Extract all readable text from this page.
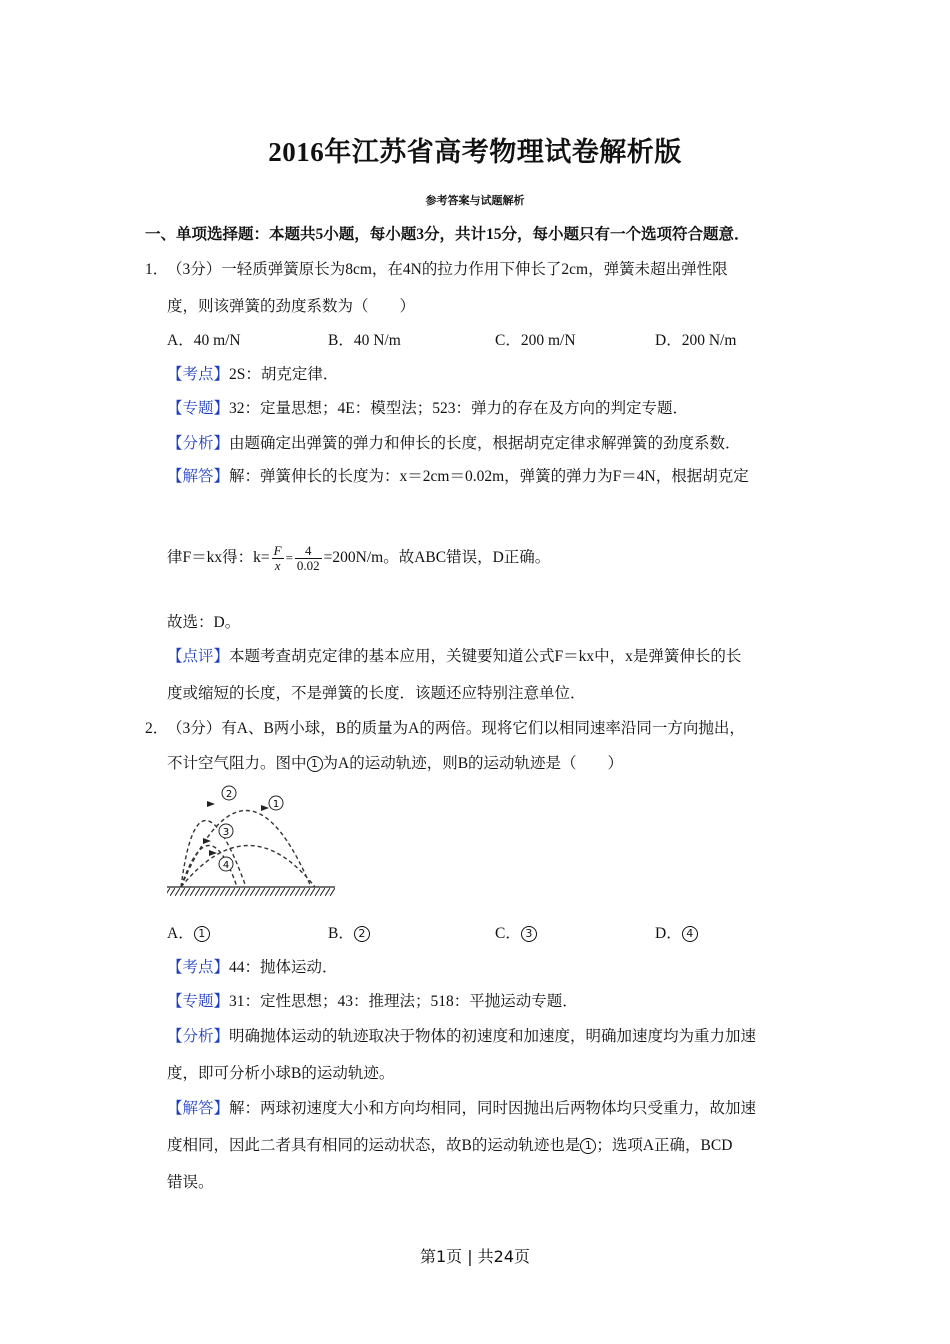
2016年江苏省高考物理试卷解析版
参考答案与试题解析
一、单项选择题：本题共5小题，每小题3分，共计15分，每小题只有一个选项符合题意．
1．
（3分）一轻质弹簧原长为8cm，在4N的拉力作用下伸长了2cm，弹簧未超出弹性限
度，则该弹簧的劲度系数为（　　）
A．40 m/N	B．40 N/m	C．200 m/N	D．200 N/m
【考点】2S：胡克定律．
【专题】32：定量思想；4E：模型法；523：弹力的存在及方向的判定专题．
【分析】由题确定出弹簧的弹力和伸长的长度，根据胡克定律求解弹簧的劲度系数．
【解答】解：弹簧伸长的长度为：x＝2cm＝0.02m，弹簧的弹力为F＝4N，根据胡克定
律F＝kx得：$k= \frac{F}{x} = \frac{4}{0.02} =200N/m$。故ABC错误，D正确。
故选：D。
【点评】本题考查胡克定律的基本应用，关键要知道公式F＝kx中，x是弹簧伸长的长
度或缩短的长度，不是弹簧的长度．该题还应特别注意单位．
2．
（3分）有A、B两小球，B的质量为A的两倍。现将它们以相同速率沿同一方向抛出，
不计空气阻力。图中 1 为A的运动轨迹，则B的运动轨迹是（　　）
2
1
3
4
A． 1	B． 2	C． 3	D． 4
【考点】44：抛体运动．
【专题】31：定性思想；43：推理法；518：平抛运动专题．
【分析】明确抛体运动的轨迹取决于物体的初速度和加速度，明确加速度均为重力加速
度，即可分析小球B的运动轨迹。
【解答】解：两球初速度大小和方向均相同，同时因抛出后两物体均只受重力，故加速
度相同，因此二者具有相同的运动状态，故B的运动轨迹也是 1 ；选项A正确，BCD
错误。
第1页 | 共24页
